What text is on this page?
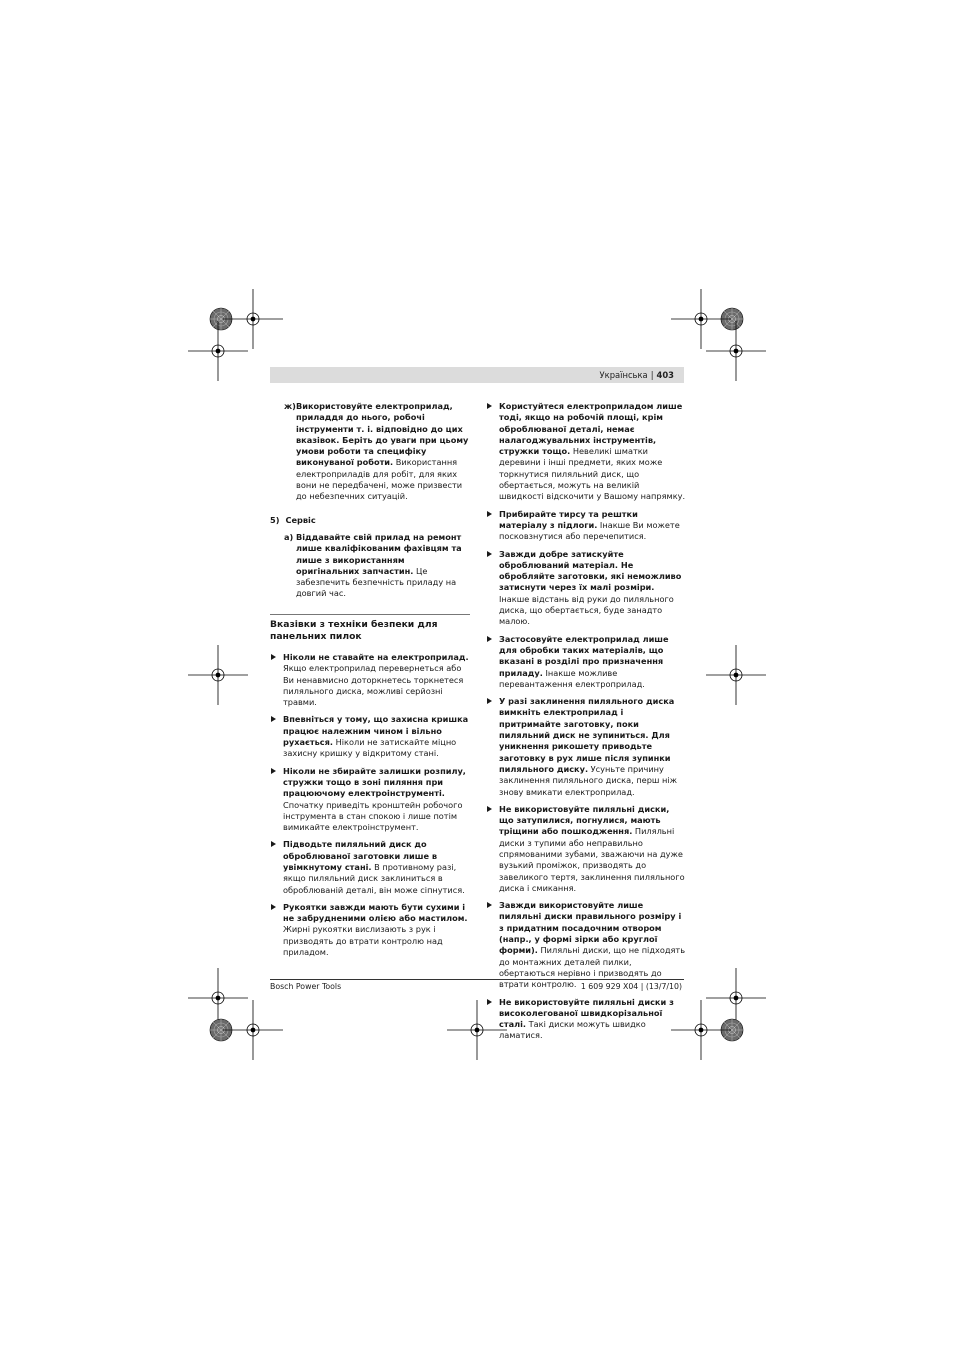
Українська | 403
ж) Використовуйте електроприлад, приладдя до нього, робочі інструменти т. і. відповідно до цих вказівок. Беріть до уваги при цьому умови роботи та специфіку виконуваної роботи. Використання електроприладів для робіт, для яких вони не передбачені, може призвести до небезпечних ситуацій.
5) Сервіс
a) Віддавайте свій прилад на ремонт лише кваліфікованим фахівцям та лише з використанням оригінальних запчастин. Це забезпечить безпечність приладу на довгий час.
Вказівки з техніки безпеки для панельних пилок
Ніколи не ставайте на електроприлад. Якщо електроприлад перевернеться або Ви ненавмисно доторкнетесь торкнетеся пиляльного диска, можливі серйозні травми.
Впевніться у тому, що захисна кришка працює належним чином і вільно рухається. Ніколи не затискайте міцно захисну кришку у відкритому стані.
Ніколи не збирайте залишки розпилу, стружки тощо в зоні пиляння при працюючому електроінструменті. Спочатку приведіть кронштейн робочого інструмента в стан спокою і лише потім вимикайте електроінструмент.
Підводьте пиляльний диск до оброблюваної заготовки лише в увімкнутому стані. В противному разі, якщо пиляльний диск заклиниться в оброблюваній деталі, він може сіпнутися.
Рукоятки завжди мають бути сухими і не забрудненими олією або мастилом. Жирні рукоятки вислизають з рук і призводять до втрати контролю над приладом.
Користуйтеся електроприладом лише тоді, якщо на робочій площі, крім оброблюваної деталі, немає налагоджувальних інструментів, стружки тощо. Невеликі шматки деревини і інші предмети, яких може торкнутися пиляльний диск, що обертається, можуть на великій швидкості відскочити у Вашому напрямку.
Прибирайте тирсу та рештки матеріалу з підлоги. Інакше Ви можете посковзнутися або перечепитися.
Завжди добре затискуйте оброблюваний матеріал. Не обробляйте заготовки, які неможливо затиснути через їх малі розміри. Інакше відстань від руки до пиляльного диска, що обертається, буде занадто малою.
Застосовуйте електроприлад лише для обробки таких матеріалів, що вказані в розділі про призначення приладу. Інакше можливе перевантаження електроприлад.
У разі заклинення пиляльного диска вимкніть електроприлад і притримайте заготовку, поки пиляльний диск не зупиниться. Для уникнення рикошету приводьте заготовку в рух лише після зупинки пиляльного диску. Усуньте причину заклинення пиляльного диска, перш ніж знову вмикати електроприлад.
Не використовуйте пиляльні диски, що затупилися, погнулися, мають тріщини або пошкодження. Пиляльні диски з тупими або неправильно спрямованими зубами, зважаючи на дуже вузький проміжок, призводять до завеликого тертя, заклинення пиляльного диска і смикання.
Завжди використовуйте лише пиляльні диски правильного розміру і з придатним посадочним отвором (напр., у формі зірки або круглої форми). Пиляльні диски, що не підходять до монтажних деталей пилки, обертаються нерівно і призводять до втрати контролю.
Не використовуйте пиляльні диски з високолегованої швидкорізальної сталі. Такі диски можуть швидко ламатися.
Bosch Power Tools	1 609 929 X04 | (13/7/10)
